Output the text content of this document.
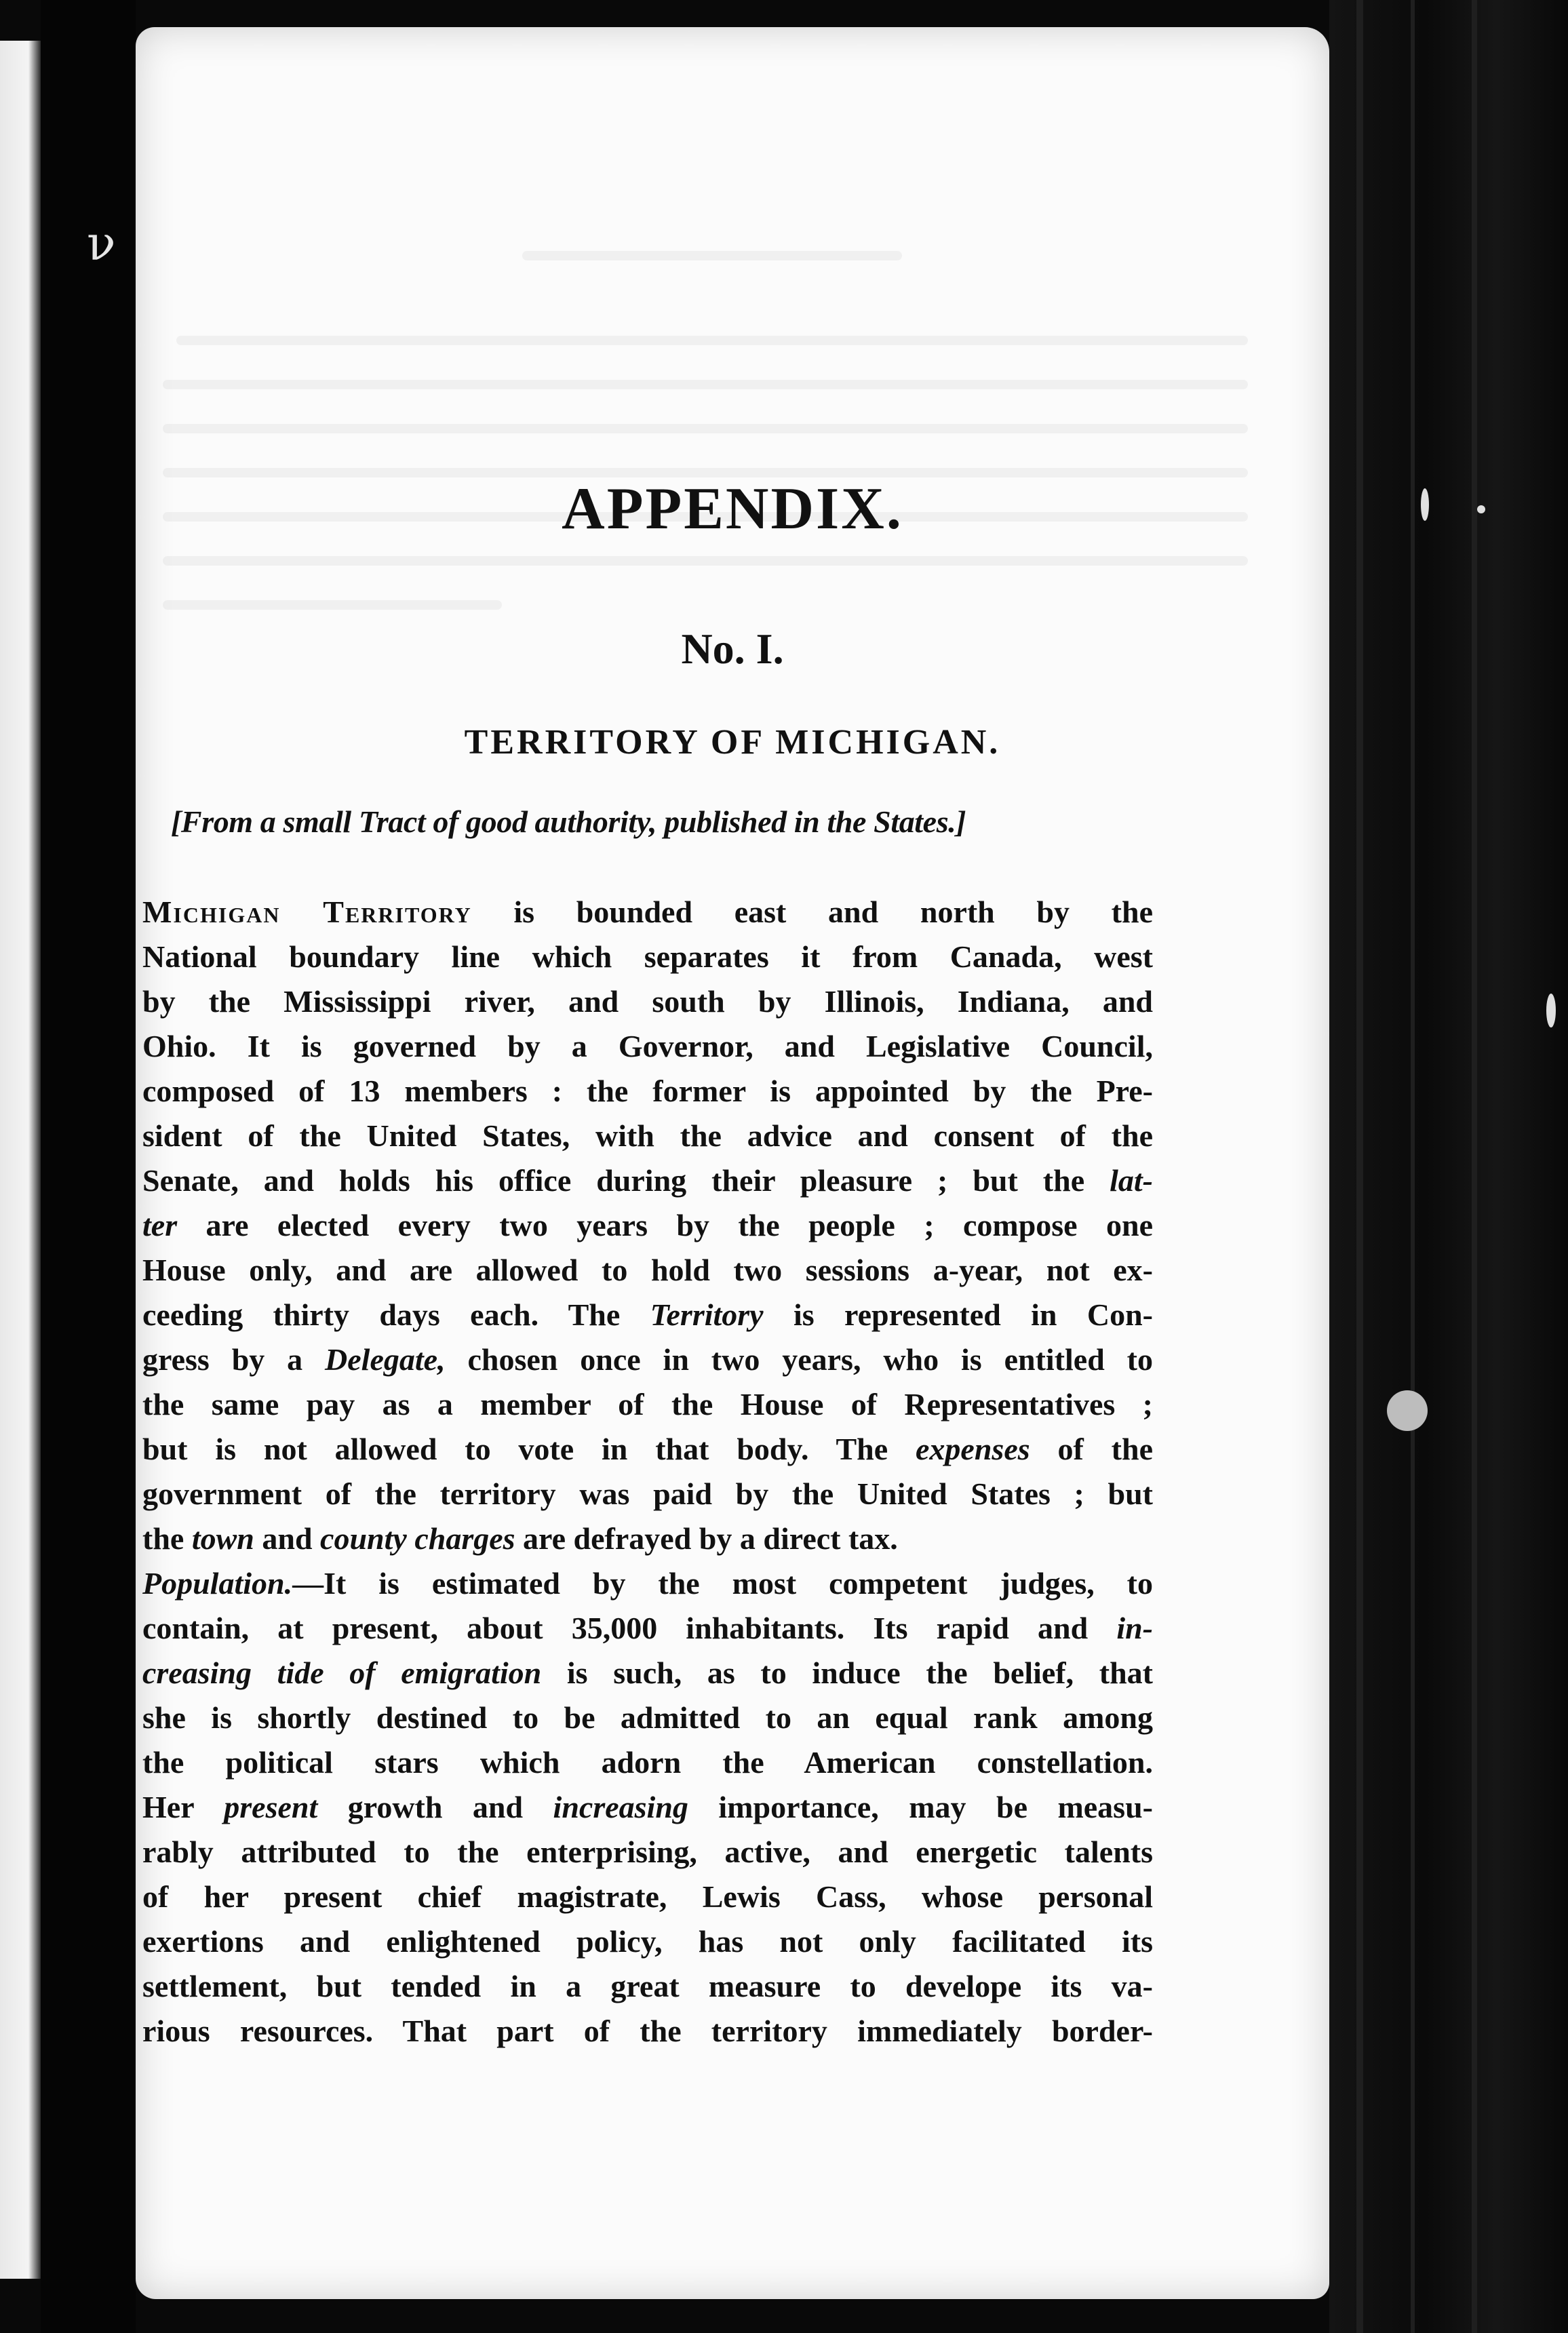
ν
APPENDIX.
No. I.
TERRITORY OF MICHIGAN.
[From a small Tract of good authority, published in the States.]
Michigan Territory is bounded east and north by the
National boundary line which separates it from Canada, west
by the Mississippi river, and south by Illinois, Indiana, and
Ohio. It is governed by a Governor, and Legislative Council,
composed of 13 members : the former is appointed by the Pre-
sident of the United States, with the advice and consent of the
Senate, and holds his office during their pleasure ; but the lat-
ter are elected every two years by the people ; compose one
House only, and are allowed to hold two sessions a-year, not ex-
ceeding thirty days each. The Territory is represented in Con-
gress by a Delegate, chosen once in two years, who is entitled to
the same pay as a member of the House of Representatives ;
but is not allowed to vote in that body. The expenses of the
government of the territory was paid by the United States ; but
the town and county charges are defrayed by a direct tax.
Population.—It is estimated by the most competent judges, to
contain, at present, about 35,000 inhabitants. Its rapid and in-
creasing tide of emigration is such, as to induce the belief, that
she is shortly destined to be admitted to an equal rank among
the political stars which adorn the American constellation.
Her present growth and increasing importance, may be measu-
rably attributed to the enterprising, active, and energetic talents
of her present chief magistrate, Lewis Cass, whose personal
exertions and enlightened policy, has not only facilitated its
settlement, but tended in a great measure to develope its va-
rious resources. That part of the territory immediately border-
